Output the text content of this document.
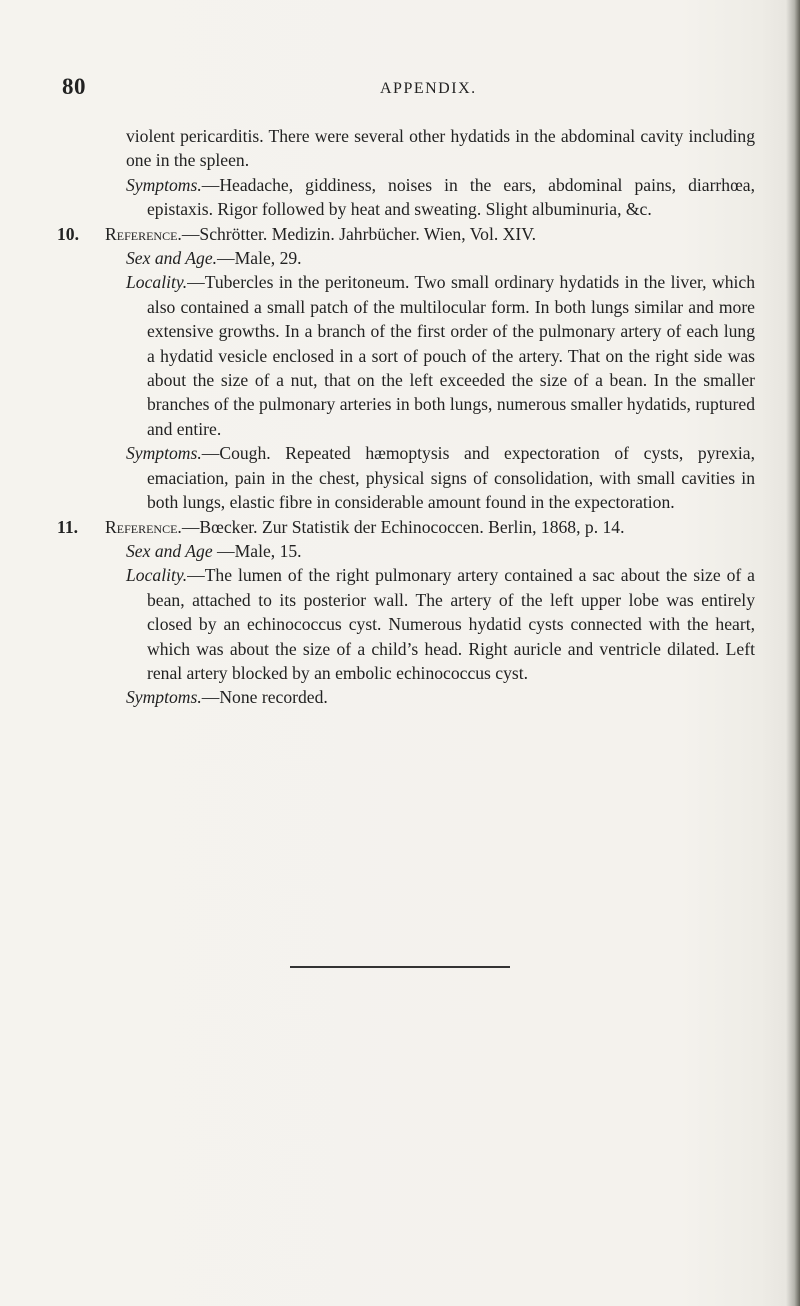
80	APPENDIX.

violent pericarditis. There were several other hydatids in the abdominal cavity including one in the spleen.

Symptoms.—Headache, giddiness, noises in the ears, abdominal pains, diarrhœa, epistaxis. Rigor followed by heat and sweating. Slight albuminuria, &c.

10. Reference.—Schrötter. Medizin. Jahrbücher. Wien, Vol. XIV.

Sex and Age.—Male, 29.

Locality.—Tubercles in the peritoneum. Two small ordinary hydatids in the liver, which also contained a small patch of the multilocular form. In both lungs similar and more extensive growths. In a branch of the first order of the pulmonary artery of each lung a hydatid vesicle enclosed in a sort of pouch of the artery. That on the right side was about the size of a nut, that on the left exceeded the size of a bean. In the smaller branches of the pulmonary arteries in both lungs, numerous smaller hydatids, ruptured and entire.

Symptoms.—Cough. Repeated hæmoptysis and expectoration of cysts, pyrexia, emaciation, pain in the chest, physical signs of consolidation, with small cavities in both lungs, elastic fibre in considerable amount found in the expectoration.

11. Reference.—Bœcker. Zur Statistik der Echinococcen. Berlin, 1868, p. 14.

Sex and Age —Male, 15.

Locality.—The lumen of the right pulmonary artery contained a sac about the size of a bean, attached to its posterior wall. The artery of the left upper lobe was entirely closed by an echinococcus cyst. Numerous hydatid cysts connected with the heart, which was about the size of a child’s head. Right auricle and ventricle dilated. Left renal artery blocked by an embolic echinococcus cyst.

Symptoms.—None recorded.
